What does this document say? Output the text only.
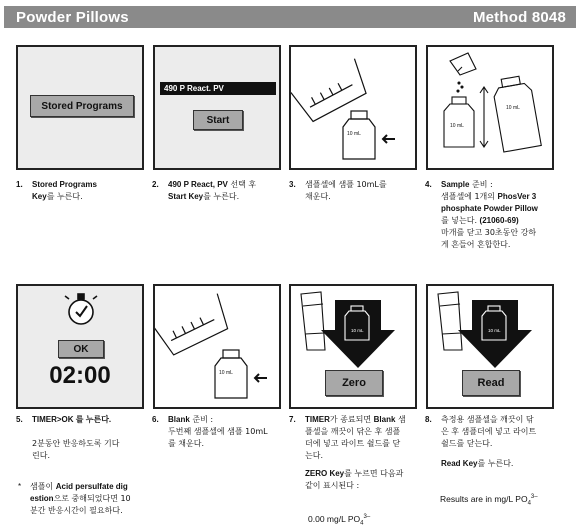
Powder Pillows	Method 8048
Stored Programs
490 P React. PV
Start
10 mL
10 mL
10 mL
1. Stored Programs
Key를 누른다.
2. 490 P React, PV 선택 후
Start Key를 누른다.
3. 샘플셀에 샘플 10mL를
채운다.
4. Sample 준비 :
샘플셀에 1개의 PhosVer 3
phosphate Powder Pillow
를 넣는다. (21060-69)
마개를 닫고 30초동안 강하
게 흔들어 혼합한다.
OK
02:00	10 mL
10 mL
Zero
10 mL
Read
5. TIMER>OK 를 누른다.
2분동안 반응하도록 기다
린다.
* 샘플이 Acid persulfate dig
estion으로 중해되었다면 10
분간 반응시간이 필요하다.
6. Blank 준비 :
두번째 샘플셀에 샘플 10mL
를 채운다.
7. TIMER가 종료되면 Blank 샘
플셀을 깨끗이 닦은 후 샘플
더에 넣고 라이트 쉴드를 닫
는다.
ZERO Key를 누르면 다음과
같이 표시된다 :
0.00 mg/L $PO_4^{3-}$
8. 측정용 샘플셀을 깨끗이 닦
은 후 샘플더에 넣고 라이트
쉴드를 닫는다.
Read Key를 누른다.
Results are in mg/L $PO_4^{3-}$
